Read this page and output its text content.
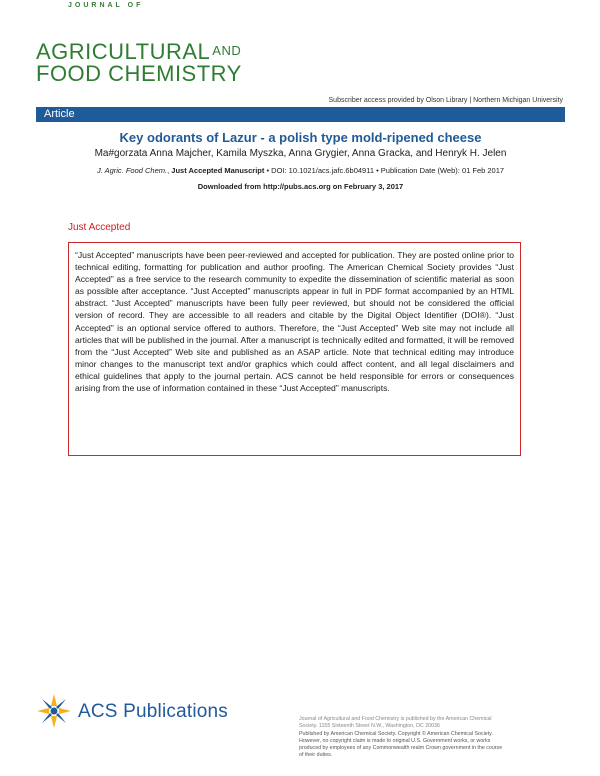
JOURNAL OF
AGRICULTURAL AND
FOOD CHEMISTRY
Subscriber access provided by Olson Library | Northern Michigan University
Article
Key odorants of Lazur - a polish type mold-ripened cheese
Ma#gorzata Anna Majcher, Kamila Myszka, Anna Grygier, Anna Gracka, and Henryk H. Jelen
J. Agric. Food Chem., Just Accepted Manuscript • DOI: 10.1021/acs.jafc.6b04911 • Publication Date (Web): 01 Feb 2017
Downloaded from http://pubs.acs.org on February 3, 2017
Just Accepted

“Just Accepted” manuscripts have been peer-reviewed and accepted for publication. They are posted online prior to technical editing, formatting for publication and author proofing. The American Chemical Society provides “Just Accepted” as a free service to the research community to expedite the dissemination of scientific material as soon as possible after acceptance. “Just Accepted” manuscripts appear in full in PDF format accompanied by an HTML abstract. “Just Accepted” manuscripts have been fully peer reviewed, but should not be considered the official version of record. They are accessible to all readers and citable by the Digital Object Identifier (DOI®). “Just Accepted” is an optional service offered to authors. Therefore, the “Just Accepted” Web site may not include all articles that will be published in the journal. After a manuscript is technically edited and formatted, it will be removed from the “Just Accepted” Web site and published as an ASAP article. Note that technical editing may introduce minor changes to the manuscript text and/or graphics which could affect content, and all legal disclaimers and ethical guidelines that apply to the journal pertain. ACS cannot be held responsible for errors or consequences arising from the use of information contained in these “Just Accepted” manuscripts.

ACS Publications	Journal of Agricultural and Food Chemistry is published by the American Chemical
Society. 1155 Sixteenth Street N.W., Washington, DC 20036
Published by American Chemical Society. Copyright © American Chemical Society.
However, no copyright claim is made to original U.S. Government works, or works
produced by employees of any Commonwealth realm Crown government in the course
of their duties.
